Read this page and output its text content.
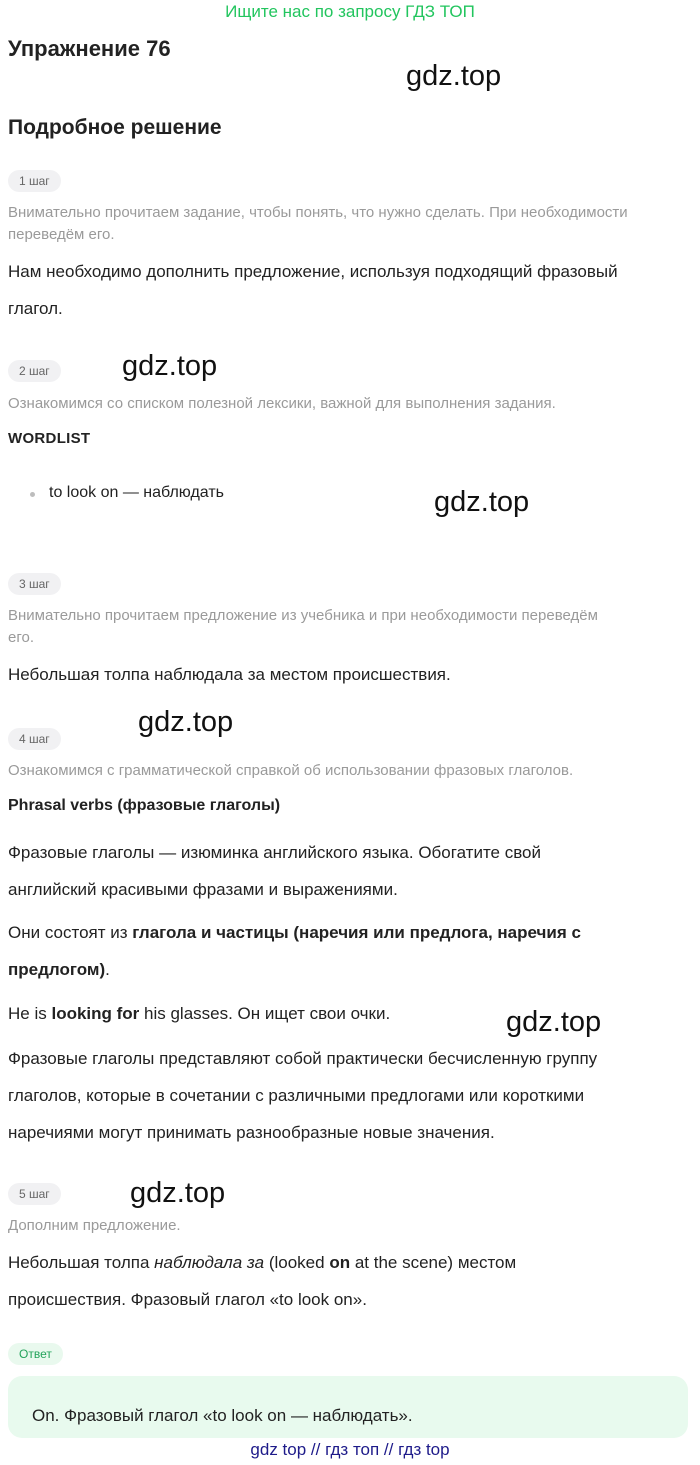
Ищите нас по запросу ГДЗ ТОП
Упражнение 76
gdz.top
Подробное решение
1 шаг
Внимательно прочитаем задание, чтобы понять, что нужно сделать. При необходимости
переведём его.
Нам необходимо дополнить предложение, используя подходящий фразовый
глагол.
2 шаг	gdz.top
Ознакомимся со списком полезной лексики, важной для выполнения задания.
WORDLIST
to look on — наблюдать	gdz.top
3 шаг
Внимательно прочитаем предложение из учебника и при необходимости переведём
его.
Небольшая толпа наблюдала за местом происшествия.
gdz.top
4 шаг
Ознакомимся с грамматической справкой об использовании фразовых глаголов.
Phrasal verbs (фразовые глаголы)
Фразовые глаголы — изюминка английского языка. Обогатите свой
английский красивыми фразами и выражениями.
Они состоят из глагола и частицы (наречия или предлога, наречия с
предлогом).
He is looking for his glasses. Он ищет свои очки.	gdz.top
Фразовые глаголы представляют собой практически бесчисленную группу
глаголов, которые в сочетании с различными предлогами или короткими
наречиями могут принимать разнообразные новые значения.
5 шаг	gdz.top
Дополним предложение.
Небольшая толпа наблюдала за (looked on at the scene) местом
происшествия. Фразовый глагол «to look on».
Ответ
On. Фразовый глагол «to look on — наблюдать».
gdz top // гдз топ // гдз top
